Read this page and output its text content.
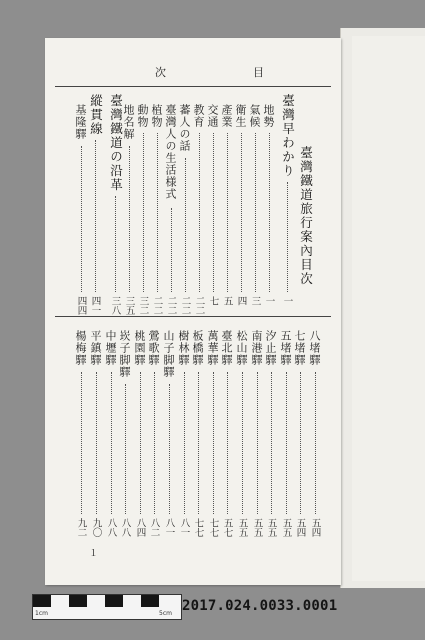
次	目
臺灣鐵道旅行案內目次
臺灣早わかり
一
地勢
一
氣候
三
衛生
四
產業
五
交通
七
教育
二二
蕃人の話
二二
臺灣人の生活様式
二二
植物
二二
動物
三二
地名解
三五
臺灣鐵道の沿革
三八
縱貫線
四一
基隆驛
四四
八堵驛
五四
七堵驛
五四
五堵驛
五五
汐止驛
五五
南港驛
五五
松山驛
五五
臺北驛
五七
萬華驛
七七
板橋驛
七七
樹林驛
八一
山子脚驛
八一
鶯歌驛
八二
桃園驛
八四
崁子脚驛
八八
中壢驛
八八
平鎮驛
九〇
楊梅驛
九二
１
1cm	5cm 2017.024.0033.0001
